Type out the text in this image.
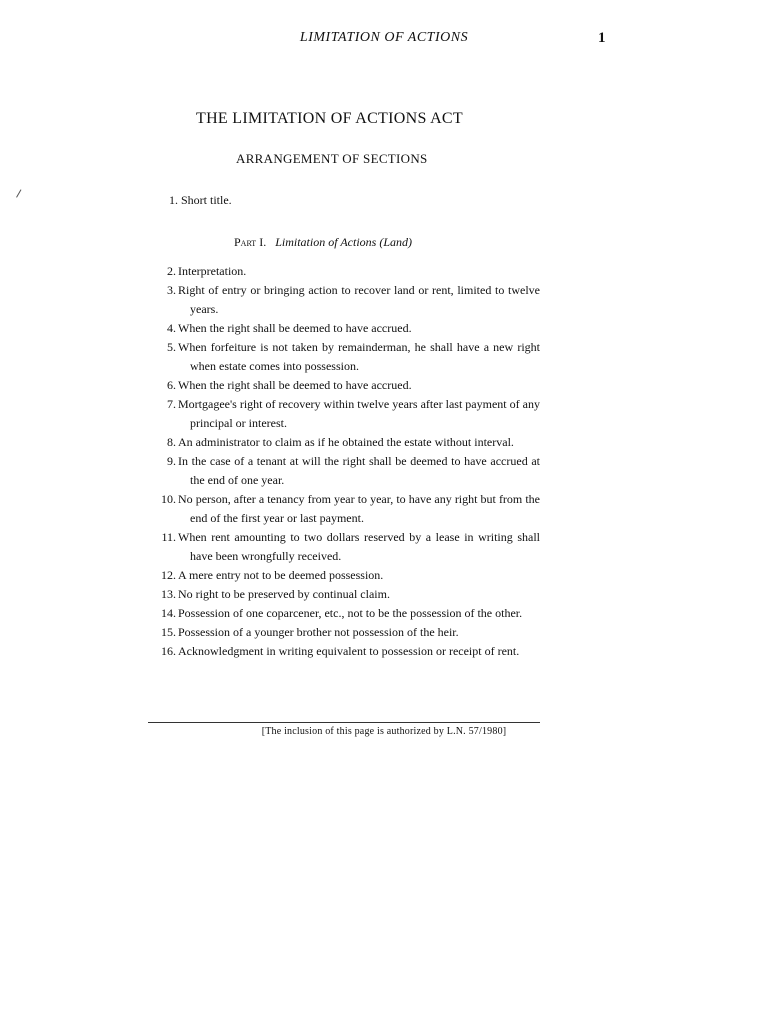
LIMITATION OF ACTIONS	1
THE LIMITATION OF ACTIONS ACT
ARRANGEMENT OF SECTIONS
1. Short title.
Part I. Limitation of Actions (Land)
2. Interpretation.
3. Right of entry or bringing action to recover land or rent, limited to twelve years.
4. When the right shall be deemed to have accrued.
5. When forfeiture is not taken by remainderman, he shall have a new right when estate comes into possession.
6. When the right shall be deemed to have accrued.
7. Mortgagee's right of recovery within twelve years after last payment of any principal or interest.
8. An administrator to claim as if he obtained the estate without interval.
9. In the case of a tenant at will the right shall be deemed to have accrued at the end of one year.
10. No person, after a tenancy from year to year, to have any right but from the end of the first year or last payment.
11. When rent amounting to two dollars reserved by a lease in writing shall have been wrongfully received.
12. A mere entry not to be deemed possession.
13. No right to be preserved by continual claim.
14. Possession of one coparcener, etc., not to be the possession of the other.
15. Possession of a younger brother not possession of the heir.
16. Acknowledgment in writing equivalent to possession or receipt of rent.
[The inclusion of this page is authorized by L.N. 57/1980]
